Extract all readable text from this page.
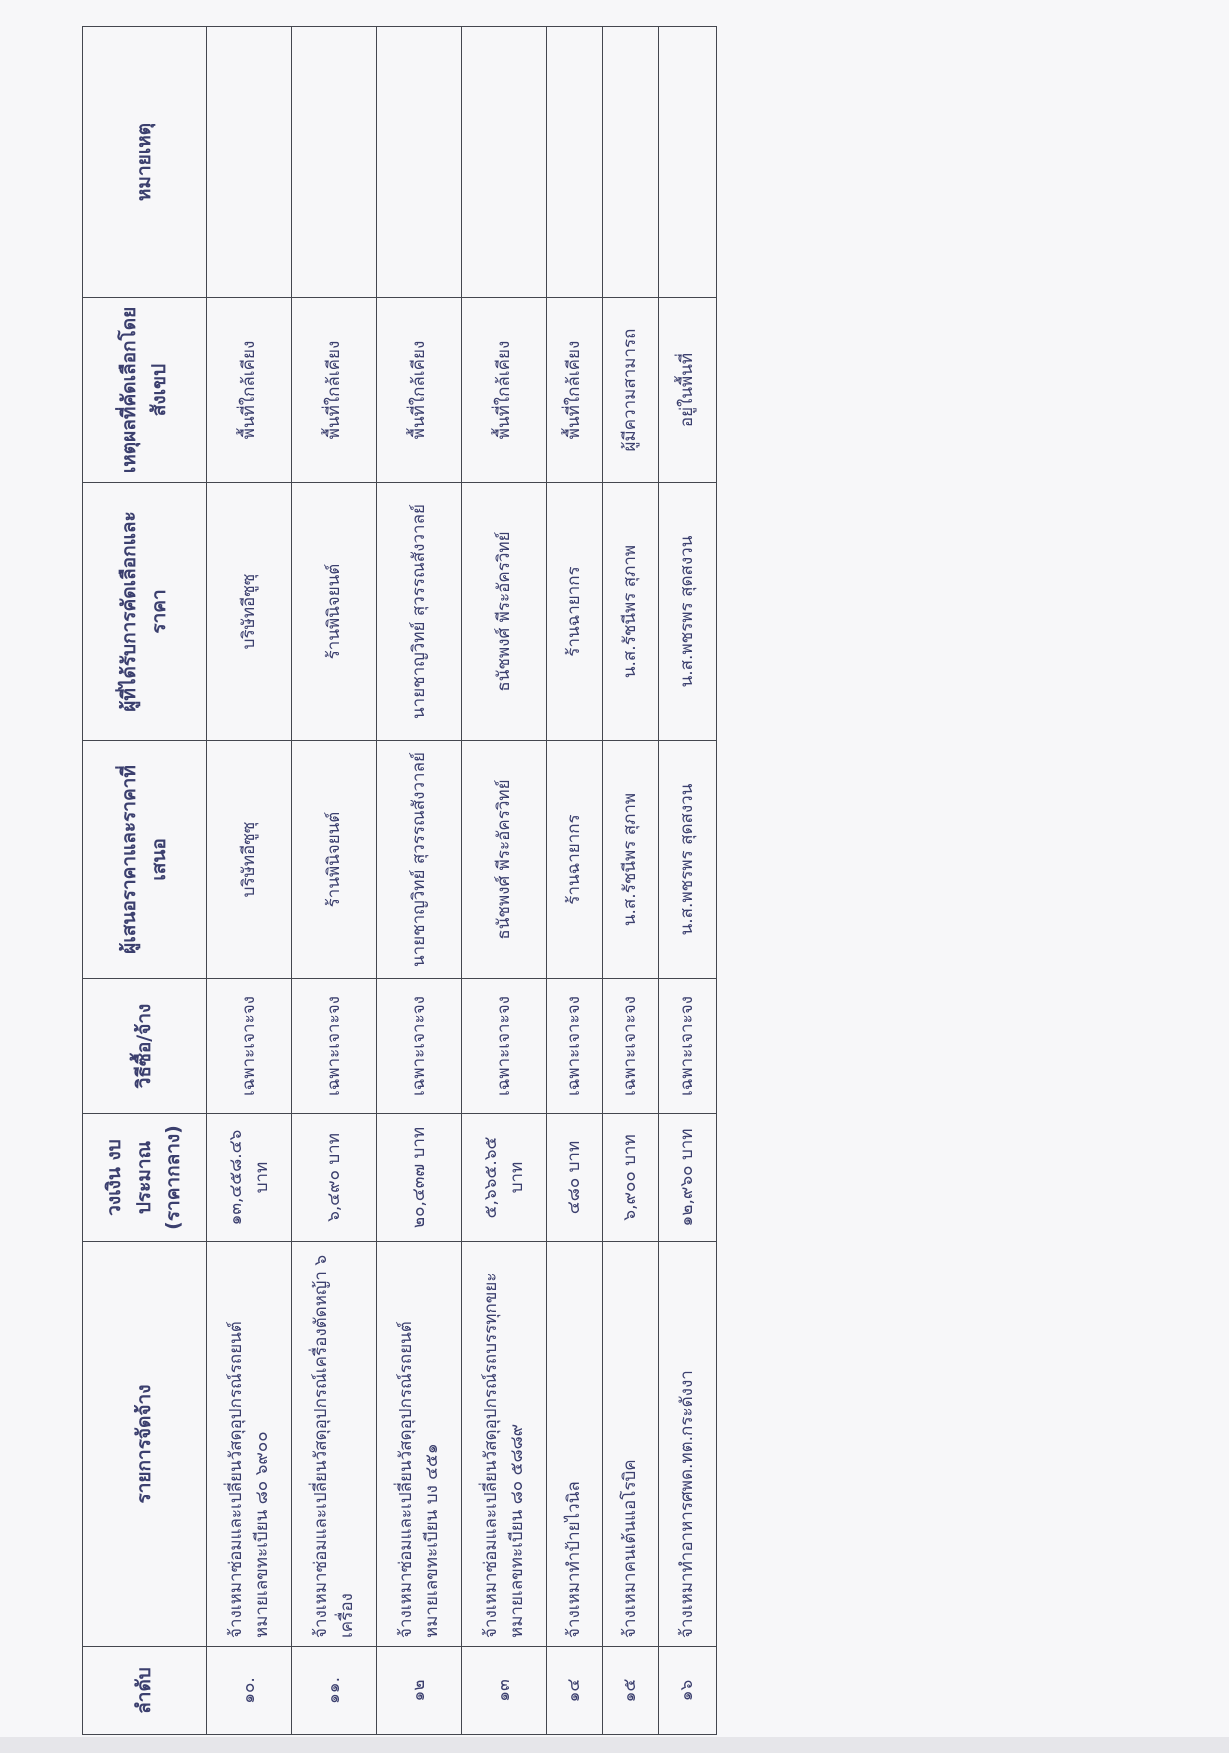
ลำดับ	รายการจัดจ้าง	วงเงิน งบประมาณ (ราคากลาง)	วิธีซื้อ/จ้าง	ผู้เสนอราคาและราคาที่เสนอ	ผู้ที่ได้รับการคัดเลือกและราคา	เหตุผลที่คัดเลือกโดยสังเขป	หมายเหตุ
๑๐.	จ้างเหมาซ่อมและเปลี่ยนวัสดุอุปกรณ์รถยนต์ หมายเลขทะเบียน ๘๐ ๖๙๐๐	๑๓,๔๕๘.๔๖ บาท	เฉพาะเจาะจง	บริษัทอีซูซุ	บริษัทอีซูซุ	พื้นที่ใกล้เคียง	
๑๑.	จ้างเหมาซ่อมและเปลี่ยนวัสดุอุปกรณ์เครื่องตัดหญ้า ๖ เครื่อง	๖,๔๙๐ บาท	เฉพาะเจาะจง	ร้านพินิจยนต์	ร้านพินิจยนต์	พื้นที่ใกล้เคียง	
๑๒	จ้างเหมาซ่อมและเปลี่ยนวัสดุอุปกรณ์รถยนต์ หมายเลขทะเบียน บง ๔๕๑	๒๐,๔๓๗ บาท	เฉพาะเจาะจง	นายชาญวิทย์ สุวรรณสังวาลย์	นายชาญวิทย์ สุวรรณสังวาลย์	พื้นที่ใกล้เคียง	
๑๓	จ้างเหมาซ่อมและเปลี่ยนวัสดุอุปกรณ์รถบรรทุกขยะ หมายเลขทะเบียน ๘๐ ๕๘๘๙	๕,๖๖๕.๖๕ บาท	เฉพาะเจาะจง	ธนัชพงศ์ พีระอัครวิทย์	ธนัชพงศ์ พีระอัครวิทย์	พื้นที่ใกล้เคียง	
๑๔	จ้างเหมาทำป้ายไวนิล	๔๘๐ บาท	เฉพาะเจาะจง	ร้านฉายากร	ร้านฉายากร	พื้นที่ใกล้เคียง	
๑๕	จ้างเหมาคนเต้นแอโรบิค	๖,๙๐๐ บาท	เฉพาะเจาะจง	น.ส.รัชนีพร สุภาพ	น.ส.รัชนีพร สุภาพ	ผู้มีความสามารถ	
๑๖	จ้างเหมาทำอาหารศพด.ทต.กระดังงา	๑๒,๙๖๐ บาท	เฉพาะเจาะจง	น.ส.พชรพร สุดสงวน	น.ส.พชรพร สุดสงวน	อยู่ในพื้นที่	
